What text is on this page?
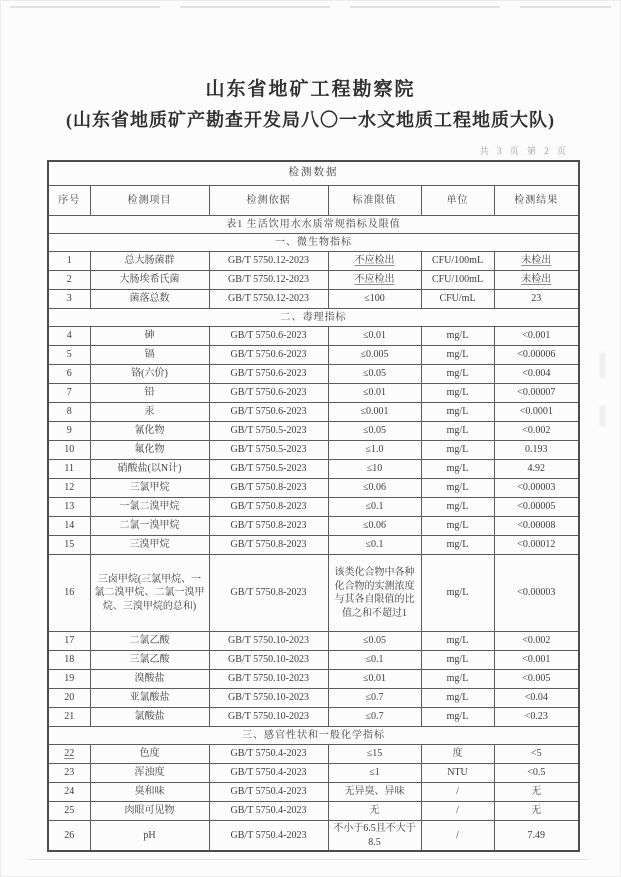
山东省地矿工程勘察院
(山东省地质矿产勘查开发局八〇一水文地质工程地质大队)
共 3 页 第 2 页
检测数据					
序号	检测项目	检测依据	标准限值	单位	检测结果
表1 生活饮用水水质常规指标及限值					
一、微生物指标					
1	总大肠菌群	GB/T 5750.12-2023	不应检出	CFU/100mL	未检出
2	大肠埃希氏菌	GB/T 5750.12-2023	不应检出	CFU/100mL	未检出
3	菌落总数	GB/T 5750.12-2023	≤100	CFU/mL	23
二、毒理指标					
4	砷	GB/T 5750.6-2023	≤0.01	mg/L	<0.001
5	镉	GB/T 5750.6-2023	≤0.005	mg/L	<0.00006
6	铬(六价)	GB/T 5750.6-2023	≤0.05	mg/L	<0.004
7	铅	GB/T 5750.6-2023	≤0.01	mg/L	<0.00007
8	汞	GB/T 5750.6-2023	≤0.001	mg/L	<0.0001
9	氰化物	GB/T 5750.5-2023	≤0.05	mg/L	<0.002
10	氟化物	GB/T 5750.5-2023	≤1.0	mg/L	0.193
11	硝酸盐(以N计)	GB/T 5750.5-2023	≤10	mg/L	4.92
12	三氯甲烷	GB/T 5750.8-2023	≤0.06	mg/L	<0.00003
13	一氯二溴甲烷	GB/T 5750.8-2023	≤0.1	mg/L	<0.00005
14	二氯一溴甲烷	GB/T 5750.8-2023	≤0.06	mg/L	<0.00008
15	三溴甲烷	GB/T 5750.8-2023	≤0.1	mg/L	<0.00012
16	三卤甲烷(三氯甲烷、一氯二溴甲烷、二氯一溴甲烷、三溴甲烷的总和)	GB/T 5750.8-2023	该类化合物中各种化合物的实测浓度与其各自限值的比值之和不超过1	mg/L	<0.00003
17	二氯乙酸	GB/T 5750.10-2023	≤0.05	mg/L	<0.002
18	三氯乙酸	GB/T 5750.10-2023	≤0.1	mg/L	<0.001
19	溴酸盐	GB/T 5750.10-2023	≤0.01	mg/L	<0.005
20	亚氯酸盐	GB/T 5750.10-2023	≤0.7	mg/L	<0.04
21	氯酸盐	GB/T 5750.10-2023	≤0.7	mg/L	<0.23
三、感官性状和一般化学指标					
22	色度	GB/T 5750.4-2023	≤15	度	<5
23	浑浊度	GB/T 5750.4-2023	≤1	NTU	<0.5
24	臭和味	GB/T 5750.4-2023	无异臭、异味	/	无
25	肉眼可见物	GB/T 5750.4-2023	无	/	无
26	pH	GB/T 5750.4-2023	不小于6.5且不大于8.5	/	7.49
